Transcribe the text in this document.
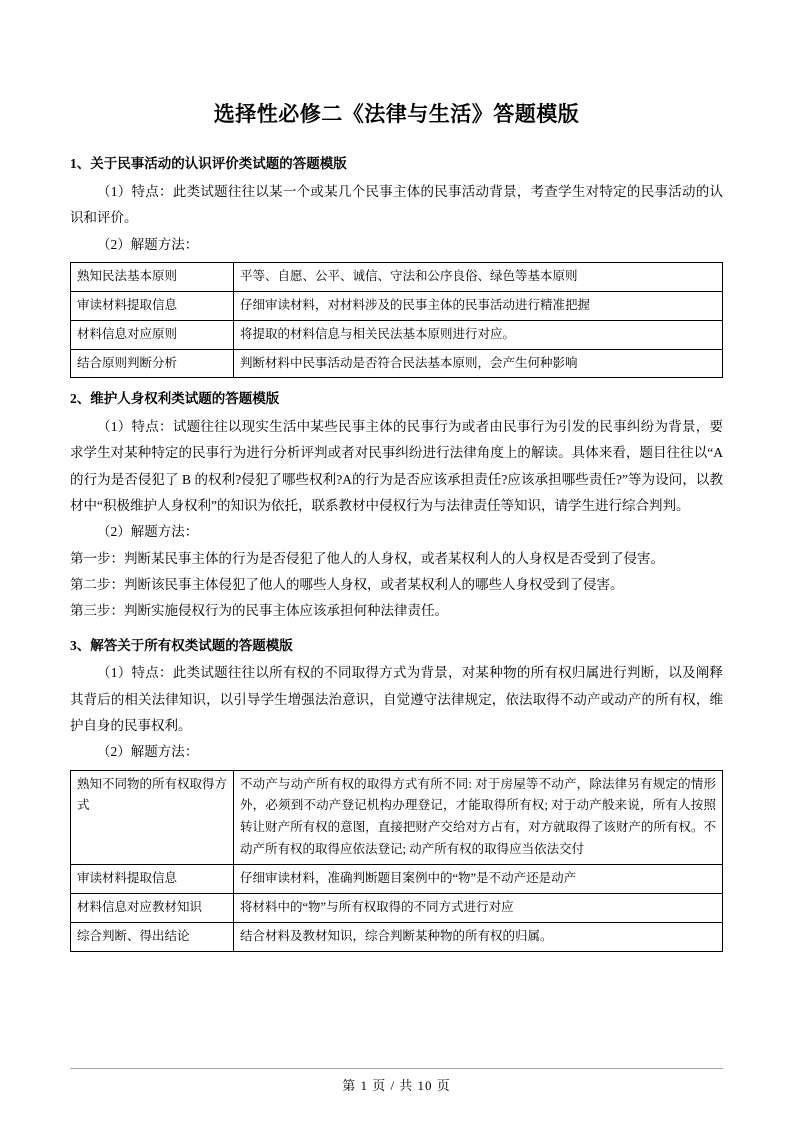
选择性必修二《法律与生活》答题模版
1、关于民事活动的认识评价类试题的答题模版

（1）特点：此类试题往往以某一个或某几个民事主体的民事活动背景，考查学生对特定的民事活动的认识和评价。

（2）解题方法：

熟知民法基本原则	平等、自愿、公平、诚信、守法和公序良俗、绿色等基本原则
审读材料提取信息	仔细审读材料，对材料涉及的民事主体的民事活动进行精准把握
材料信息对应原则	将提取的材料信息与相关民法基本原则进行对应。
结合原则判断分析	判断材料中民事活动是否符合民法基本原则，会产生何种影响
2、维护人身权利类试题的答题模版

（1）特点：试题往往以现实生活中某些民事主体的民事行为或者由民事行为引发的民事纠纷为背景，要求学生对某种特定的民事行为进行分析评判或者对民事纠纷进行法律角度上的解读。具体来看，题目往往以“A的行为是否侵犯了 B 的权利?侵犯了哪些权利?A的行为是否应该承担责任?应该承担哪些责任?”等为设问，以教材中“积极维护人身权利”的知识为依托，联系教材中侵权行为与法律责任等知识，请学生进行综合判判。

（2）解题方法：

第一步：判断某民事主体的行为是否侵犯了他人的人身权，或者某权利人的人身权是否受到了侵害。

第二步：判断该民事主体侵犯了他人的哪些人身权，或者某权利人的哪些人身权受到了侵害。

第三步：判断实施侵权行为的民事主体应该承担何种法律责任。

3、解答关于所有权类试题的答题模版

（1）特点：此类试题往往以所有权的不同取得方式为背景，对某种物的所有权归属进行判断，以及阐释其背后的相关法律知识，以引导学生增强法治意识，自觉遵守法律规定，依法取得不动产或动产的所有权，维护自身的民事权利。

（2）解题方法：

熟知不同物的所有权取得方式	不动产与动产所有权的取得方式有所不同: 对于房屋等不动产，除法律另有规定的情形外，必须到不动产登记机构办理登记，才能取得所有权; 对于动产般来说，所有人按照转让财产所有权的意图，直接把财产交给对方占有，对方就取得了该财产的所有权。不动产所有权的取得应依法登记; 动产所有权的取得应当依法交付
审读材料提取信息	仔细审读材料，准确判断题目案例中的“物”是不动产还是动产
材料信息对应教材知识	将材料中的“物”与所有权取得的不同方式进行对应
综合判断、得出结论	结合材料及教材知识，综合判断某种物的所有权的归属。
第 1 页 / 共 10 页
